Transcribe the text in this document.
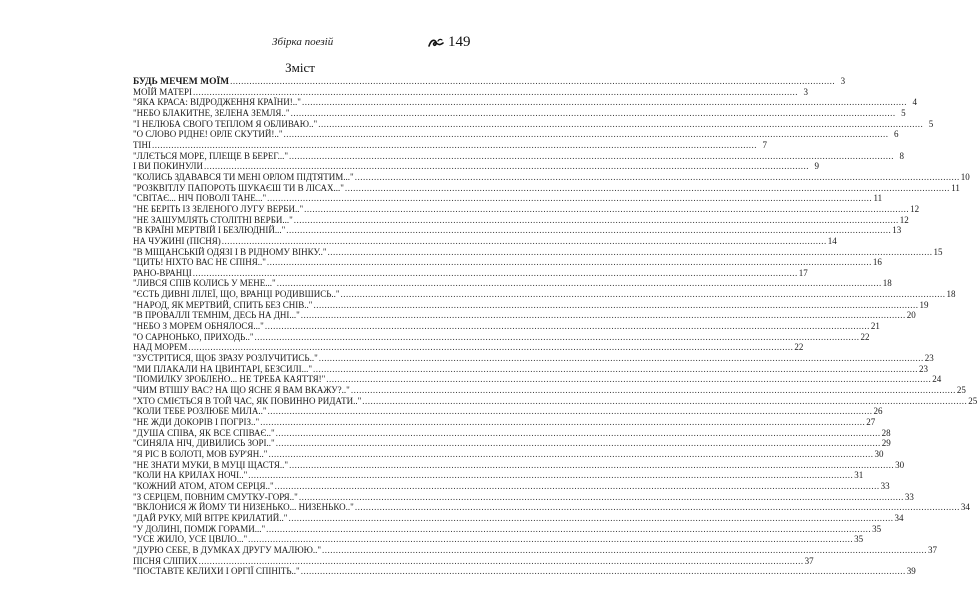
Збірка поезій	149
Зміст
БУДЬ МЕЧЕМ МОЇМ .....	3
МОЇЙ МАТЕРІ .....	3
"ЯКА КРАСА: ВІДРОДЖЕННЯ КРАЇНИ!.." .....	4
"НЕБО БЛАКИТНЕ, ЗЕЛЕНА ЗЕМЛЯ.." .....	5
"І НЕЛЮБА СВОГО ТЕПЛОМ Я ОБЛИВАЮ.." .....	5
"О СЛОВО РІДНЕ! ОРЛЕ СКУТИЙ!.." .....	6
ТІНІ .....	7
"ЛЛЄТЬСЯ МОРЕ, ПЛЕЩЕ В БЕРЕГ..." .....	8
І ВИ ПОКИНУЛИ .....	9
"КОЛИСЬ ЗДАВАВСЯ ТИ МЕНІ ОРЛОМ ПІДТЯТИМ..." .....	10
"РОЗКВІТЛУ ПАПОРОТЬ ШУКАЄШ ТИ В ЛІСАХ..." .....	11
"СВІТАЄ... НІЧ ПОВОЛІ ТАНЕ..." .....	11
"НЕ БЕРІТЬ ІЗ ЗЕЛЕНОГО ЛУГУ ВЕРБИ.." .....	12
"НЕ ЗАШУМЛЯТЬ СТОЛІТНІ ВЕРБИ..." .....	12
"В КРАЇНІ МЕРТВІЙ І БЕЗЛЮДНІЙ..." .....	13
НА ЧУЖИНІ (ПІСНЯ) .....	14
"В МІЩАНСЬКІЙ ОДЯЗІ І В РІДНОМУ ВІНКУ.." .....	15
"ЦИТЬ! НІХТО ВАС НЕ СПІНЯ.." .....	16
РАНО-ВРАНЦІ .....	17
"ЛИВСЯ СПІВ КОЛИСЬ У МЕНЕ..." .....	18
"ЄСТЬ ДИВНІ ЛІЛЕЇ, ЩО, ВРАНЦІ РОДИВШИСЬ.." .....	18
"НАРОД, ЯК МЕРТВИЙ, СПИТЬ БЕЗ СНІВ.." .....	19
"В ПРОВАЛЛІ ТЕМНІМ, ДЕСЬ НА ДНІ..." .....	20
"НЕБО З МОРЕМ ОБНЯЛОСЯ..." .....	21
"О САРНОНЬКО, ПРИХОДЬ.." .....	22
НАД МОРЕМ .....	22
"ЗУСТРІТИСЯ, ЩОБ ЗРАЗУ РОЗЛУЧИТИСЬ.." .....	23
"МИ ПЛАКАЛИ НА ЦВИНТАРІ, БЕЗСИЛІ..." .....	23
"ПОМИЛКУ ЗРОБЛЕНО... НЕ ТРЕБА КАЯТТЯ!" .....	24
"ЧИМ ВТІШУ ВАС? НА ЩО ЯСНЕ Я ВАМ ВКАЖУ?.." .....	25
"ХТО СМІЄТЬСЯ В ТОЙ ЧАС, ЯК ПОВИННО РИДАТИ.." .....	25
"КОЛИ ТЕБЕ РОЗЛЮБЕ МИЛА.." .....	26
"НЕ ЖДИ ДОКОРІВ І ПОГРІЗ.." .....	27
"ДУША СПІВА, ЯК ВСЕ СПІВАЄ.." .....	28
"СИНЯЛА НІЧ, ДИВИЛИСЬ ЗОРІ.." .....	29
"Я РІС В БОЛОТІ, МОВ БУР'ЯН.." .....	30
"НЕ ЗНАТИ МУКИ, В МУЦІ ЩАСТЯ.." .....	30
"КОЛИ НА КРИЛАХ НОЧІ.." .....	31
"КОЖНИЙ АТОМ, АТОМ СЕРЦЯ.." .....	33
"З СЕРЦЕМ, ПОВНИМ СМУТКУ-ГОРЯ.." .....	33
"ВКЛОНИСЯ Ж ЙОМУ ТИ НИЗЕНЬКО... НИЗЕНЬКО.." .....	34
"ДАЙ РУКУ, МІЙ ВІТРЕ КРИЛАТИЙ.." .....	34
"У ДОЛИНІ, ПОМІЖ ГОРАМИ..." .....	35
"УСЕ ЖИЛО, УСЕ ЦВІЛО..." .....	35
"ДУРЮ СЕБЕ, В ДУМКАХ ДРУГУ МАЛЮЮ.." .....	37
ПІСНЯ СЛІПИХ .....	37
"ПОСТАВТЕ КЕЛИХИ І ОРГІЇ СПІНІТЬ.." .....	39
